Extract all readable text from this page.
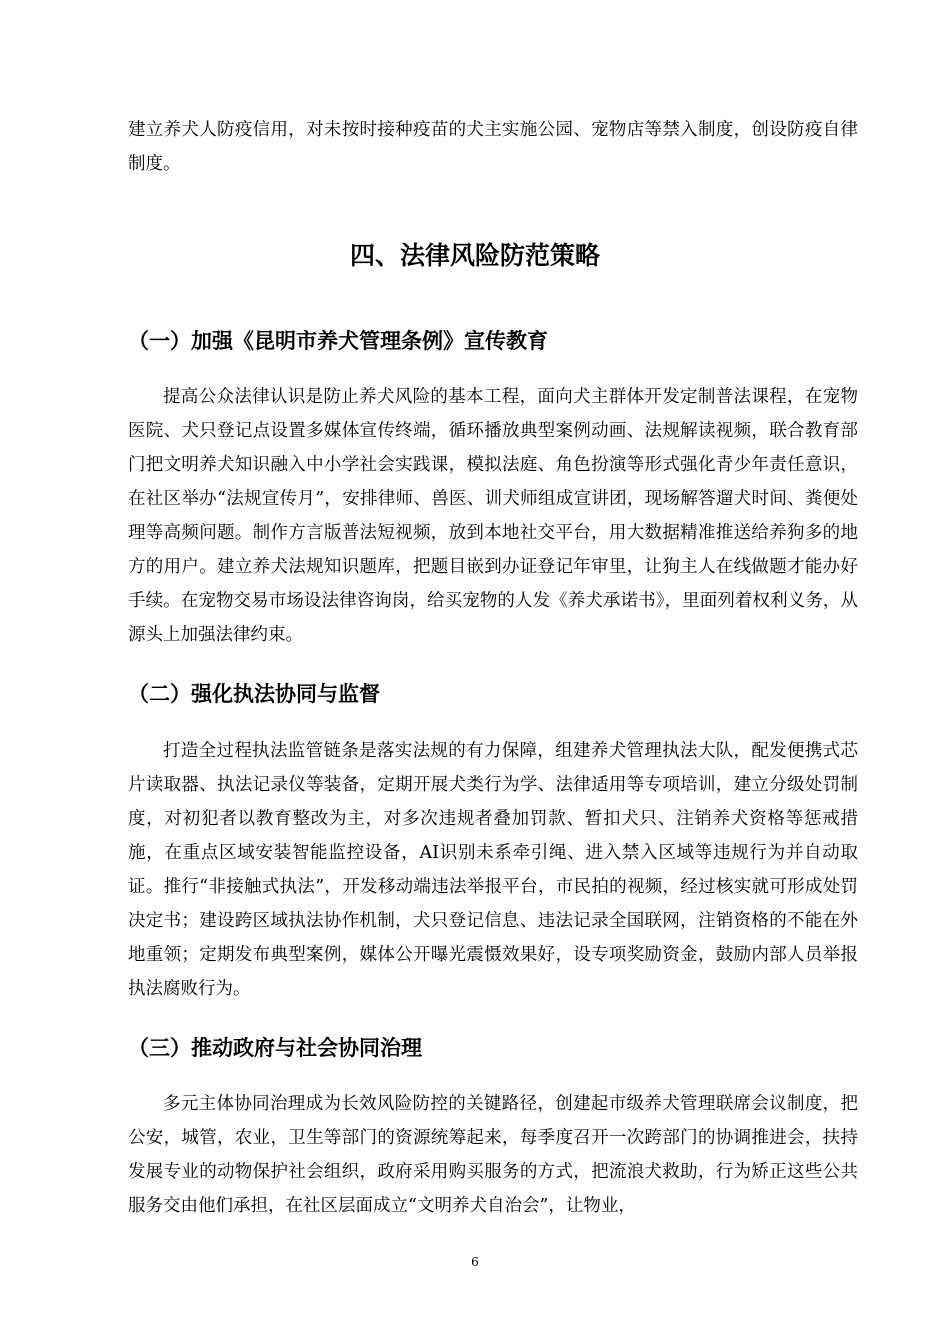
建立养犬人防疫信用，对未按时接种疫苗的犬主实施公园、宠物店等禁入制度，创设防疫自律制度。

四、法律风险防范策略
（一）加强《昆明市养犬管理条例》宣传教育

提高公众法律认识是防止养犬风险的基本工程，面向犬主群体开发定制普法课程，在宠物医院、犬只登记点设置多媒体宣传终端，循环播放典型案例动画、法规解读视频，联合教育部门把文明养犬知识融入中小学社会实践课，模拟法庭、角色扮演等形式强化青少年责任意识，在社区举办“法规宣传月”，安排律师、兽医、训犬师组成宣讲团，现场解答遛犬时间、粪便处理等高频问题。制作方言版普法短视频，放到本地社交平台，用大数据精准推送给养狗多的地方的用户。建立养犬法规知识题库，把题目嵌到办证登记年审里，让狗主人在线做题才能办好手续。在宠物交易市场设法律咨询岗，给买宠物的人发《养犬承诺书》，里面列着权利义务，从源头上加强法律约束。

（二）强化执法协同与监督

打造全过程执法监管链条是落实法规的有力保障，组建养犬管理执法大队，配发便携式芯片读取器、执法记录仪等装备，定期开展犬类行为学、法律适用等专项培训，建立分级处罚制度，对初犯者以教育整改为主，对多次违规者叠加罚款、暂扣犬只、注销养犬资格等惩戒措施，在重点区域安装智能监控设备，AI识别未系牵引绳、进入禁入区域等违规行为并自动取证。推行“非接触式执法”，开发移动端违法举报平台，市民拍的视频，经过核实就可形成处罚决定书；建设跨区域执法协作机制，犬只登记信息、违法记录全国联网，注销资格的不能在外地重领；定期发布典型案例，媒体公开曝光震慑效果好，设专项奖励资金，鼓励内部人员举报执法腐败行为。

（三）推动政府与社会协同治理

多元主体协同治理成为长效风险防控的关键路径，创建起市级养犬管理联席会议制度，把公安，城管，农业，卫生等部门的资源统筹起来，每季度召开一次跨部门的协调推进会，扶持发展专业的动物保护社会组织，政府采用购买服务的方式，把流浪犬救助，行为矫正这些公共服务交由他们承担，在社区层面成立“文明养犬自治会”，让物业，

6
